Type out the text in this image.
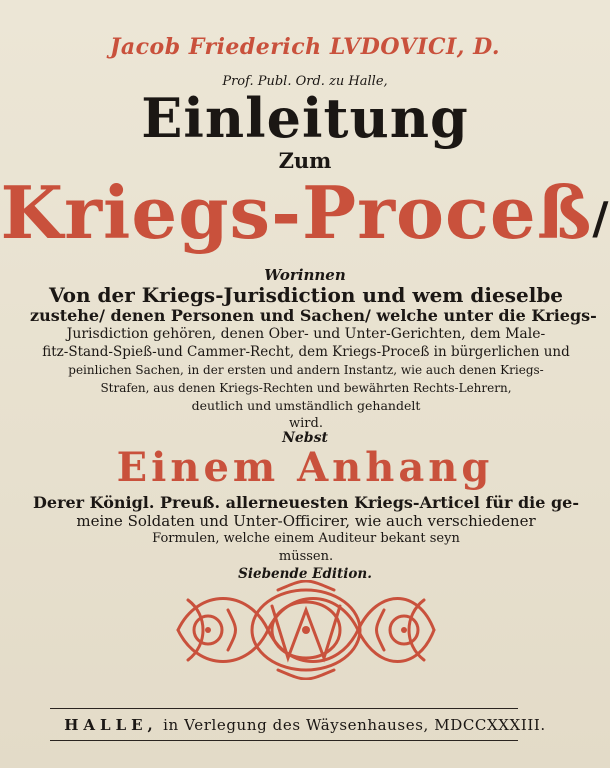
Jacob Friederich LVDOVICI, D.
Prof. Publ. Ord. zu Halle,
Einleitung
Zum
Kriegs-Proceß/
Worinnen
Von der Kriegs-Jurisdiction und wem dieselbe
zustehe/ denen Personen und Sachen/ welche unter die Kriegs-
Jurisdiction gehören, denen Ober- und Unter-Gerichten, dem Male-
fitz-Stand-Spieß-und Cammer-Recht, dem Kriegs-Proceß in bürgerlichen und
peinlichen Sachen, in der ersten und andern Instantz, wie auch denen Kriegs-
Strafen, aus denen Kriegs-Rechten und bewährten Rechts-Lehrern,
deutlich und umständlich gehandelt
wird.
Nebst
Einem Anhang
Derer Königl. Preuß. allerneuesten Kriegs-Articel für die ge-
meine Soldaten und Unter-Officirer, wie auch verschiedener
Formulen, welche einem Auditeur bekant seyn
müssen.
Siebende Edition.
HALLE, in Verlegung des Wäysenhauses, MDCCXXXIII.
